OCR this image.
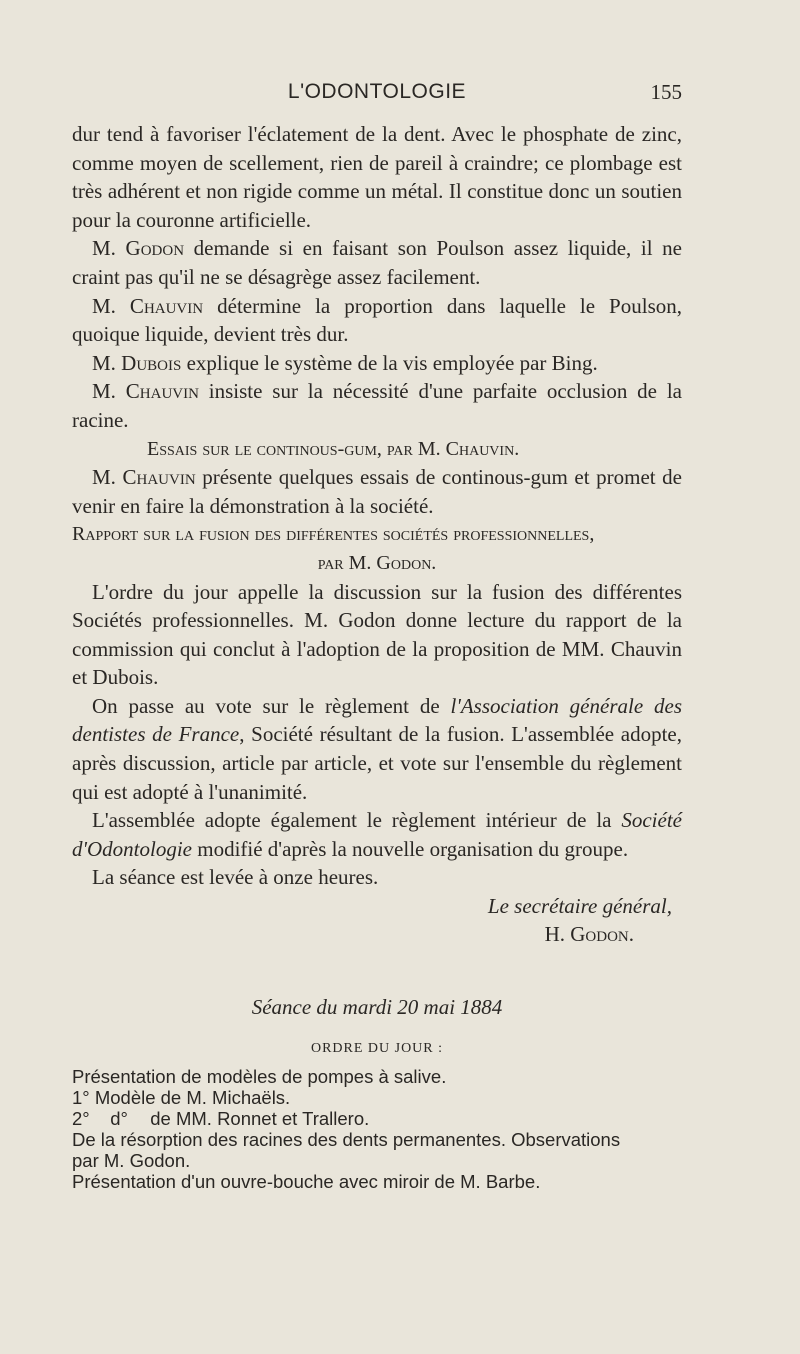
L'ODONTOLOGIE	155

dur tend à favoriser l'éclatement de la dent. Avec le phosphate de zinc, comme moyen de scellement, rien de pareil à craindre; ce plombage est très adhérent et non rigide comme un métal. Il constitue donc un soutien pour la couronne artificielle.

M. Godon demande si en faisant son Poulson assez liquide, il ne craint pas qu'il ne se désagrège assez facilement.

M. Chauvin détermine la proportion dans laquelle le Poulson, quoique liquide, devient très dur.

M. Dubois explique le système de la vis employée par Bing.

M. Chauvin insiste sur la nécessité d'une parfaite occlusion de la racine.

Essais sur le continous-gum, par M. Chauvin.

M. Chauvin présente quelques essais de continous-gum et promet de venir en faire la démonstration à la société.

Rapport sur la fusion des différentes sociétés professionnelles,

par M. Godon.

L'ordre du jour appelle la discussion sur la fusion des différentes Sociétés professionnelles. M. Godon donne lecture du rapport de la commission qui conclut à l'adoption de la proposition de MM. Chauvin et Dubois.

On passe au vote sur le règlement de l'Association générale des dentistes de France, Société résultant de la fusion. L'assemblée adopte, après discussion, article par article, et vote sur l'ensemble du règlement qui est adopté à l'unanimité.

L'assemblée adopte également le règlement intérieur de la Société d'Odontologie modifié d'après la nouvelle organisation du groupe.

La séance est levée à onze heures.

Le secrétaire général,
H. Godon.
Séance du mardi 20 mai 1884
ORDRE DU JOUR :
Présentation de modèles de pompes à salive.
1° Modèle de M. Michaëls.
2° d° de MM. Ronnet et Trallero.
De la résorption des racines des dents permanentes. Observations
par M. Godon.
Présentation d'un ouvre-bouche avec miroir de M. Barbe.
